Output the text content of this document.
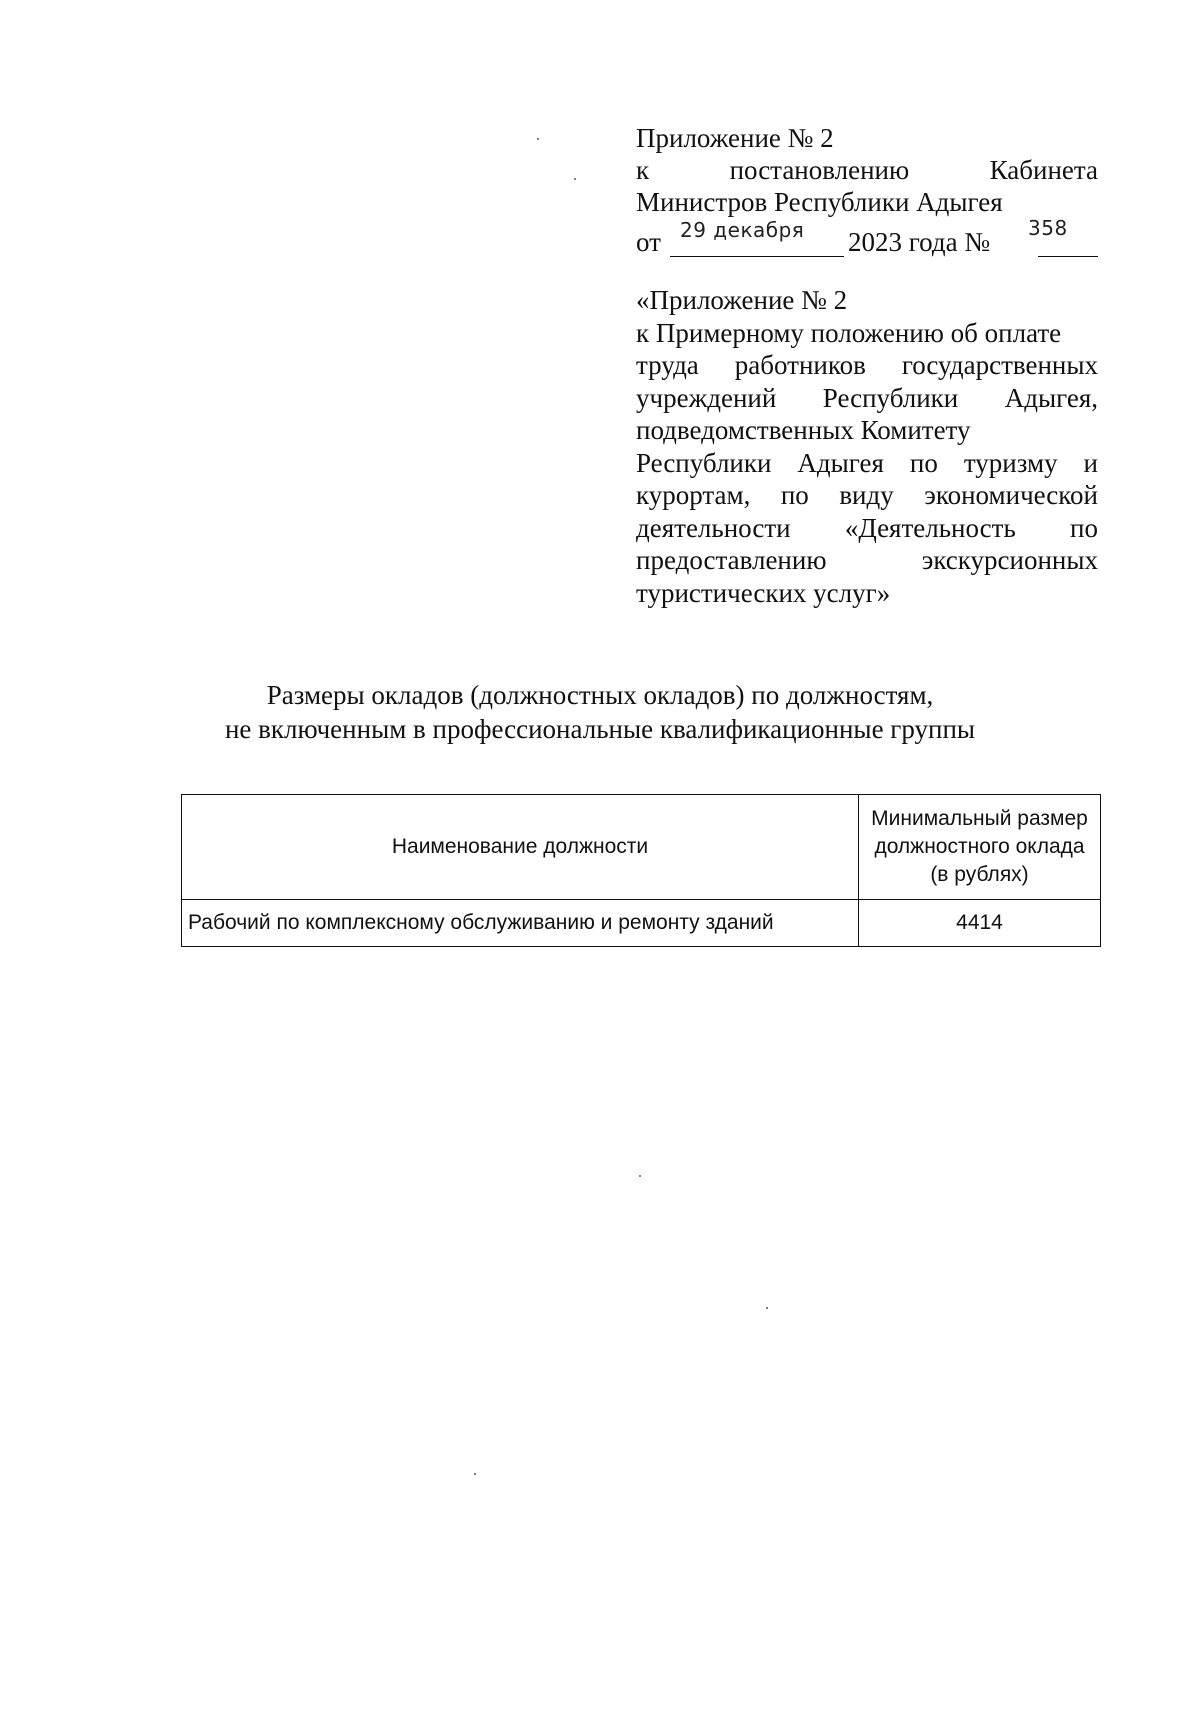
Приложение № 2
к	постановлению	Кабинета
Министров Республики Адыгея
от 29 декабря 2023 года № 358
«Приложение № 2
к Примерному положению об оплате
труда работников государственных
учреждений Республики Адыгея,
подведомственных Комитету
Республики Адыгея по туризму и
курортам, по виду экономической
деятельности «Деятельность по
предоставлению	экскурсионных
туристических услуг»
Размеры окладов (должностных окладов) по должностям,
не включенным в профессиональные квалификационные группы
Наименование должности	Минимальный размер
должностного оклада
(в рублях)

Рабочий по комплексному обслуживанию и ремонту зданий	4414
